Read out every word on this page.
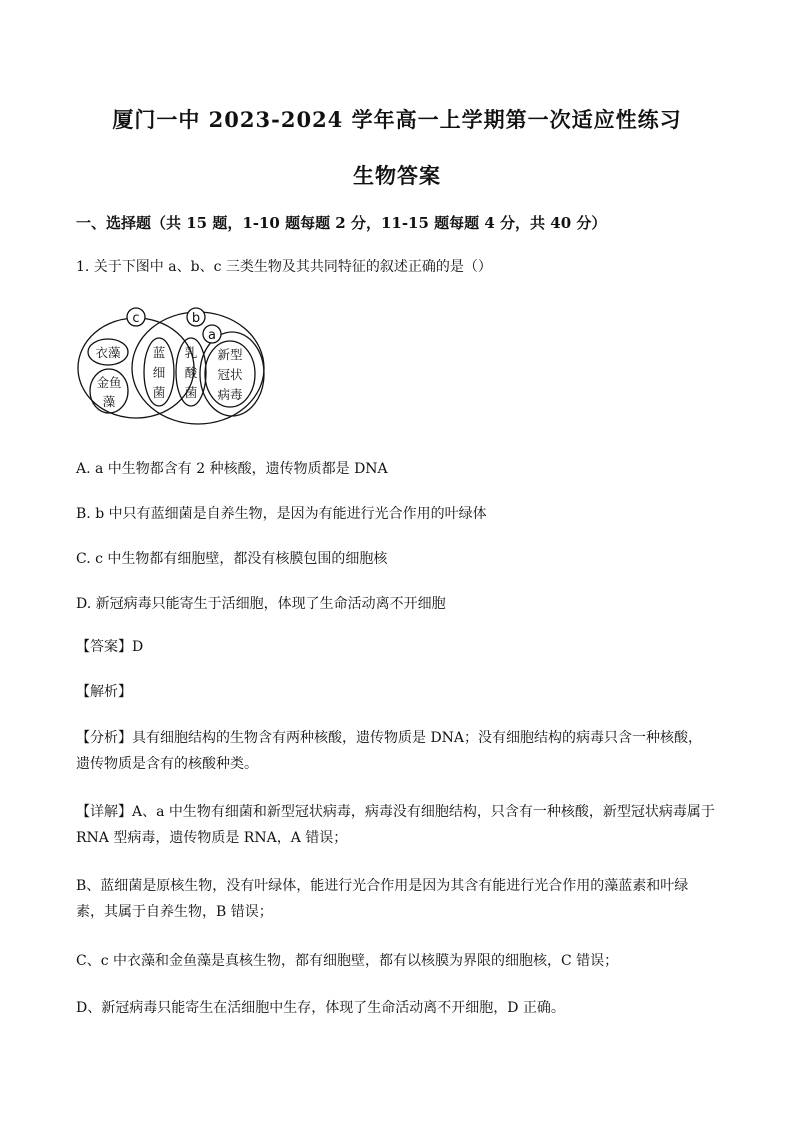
厦门一中 2023-2024 学年高一上学期第一次适应性练习
生物答案
一、选择题（共 15 题，1-10 题每题 2 分，11-15 题每题 4 分，共 40 分）
1. 关于下图中 a、b、c 三类生物及其共同特征的叙述正确的是（）
c	b
a
衣藻
金鱼
藻
蓝
细
菌
乳
酸
菌
新型
冠状
病毒
A. a 中生物都含有 2 种核酸，遗传物质都是 DNA
B. b 中只有蓝细菌是自养生物，是因为有能进行光合作用的叶绿体
C. c 中生物都有细胞壁，都没有核膜包围的细胞核
D. 新冠病毒只能寄生于活细胞，体现了生命活动离不开细胞
【答案】D
【解析】
【分析】具有细胞结构的生物含有两种核酸，遗传物质是 DNA；没有细胞结构的病毒只含一种核酸，遗传物质是含有的核酸种类。
【详解】A、a 中生物有细菌和新型冠状病毒，病毒没有细胞结构，只含有一种核酸，新型冠状病毒属于 RNA 型病毒，遗传物质是 RNA，A 错误；
B、蓝细菌是原核生物，没有叶绿体，能进行光合作用是因为其含有能进行光合作用的藻蓝素和叶绿素，其属于自养生物，B 错误；
C、c 中衣藻和金鱼藻是真核生物，都有细胞壁，都有以核膜为界限的细胞核，C 错误；
D、新冠病毒只能寄生在活细胞中生存，体现了生命活动离不开细胞，D 正确。
